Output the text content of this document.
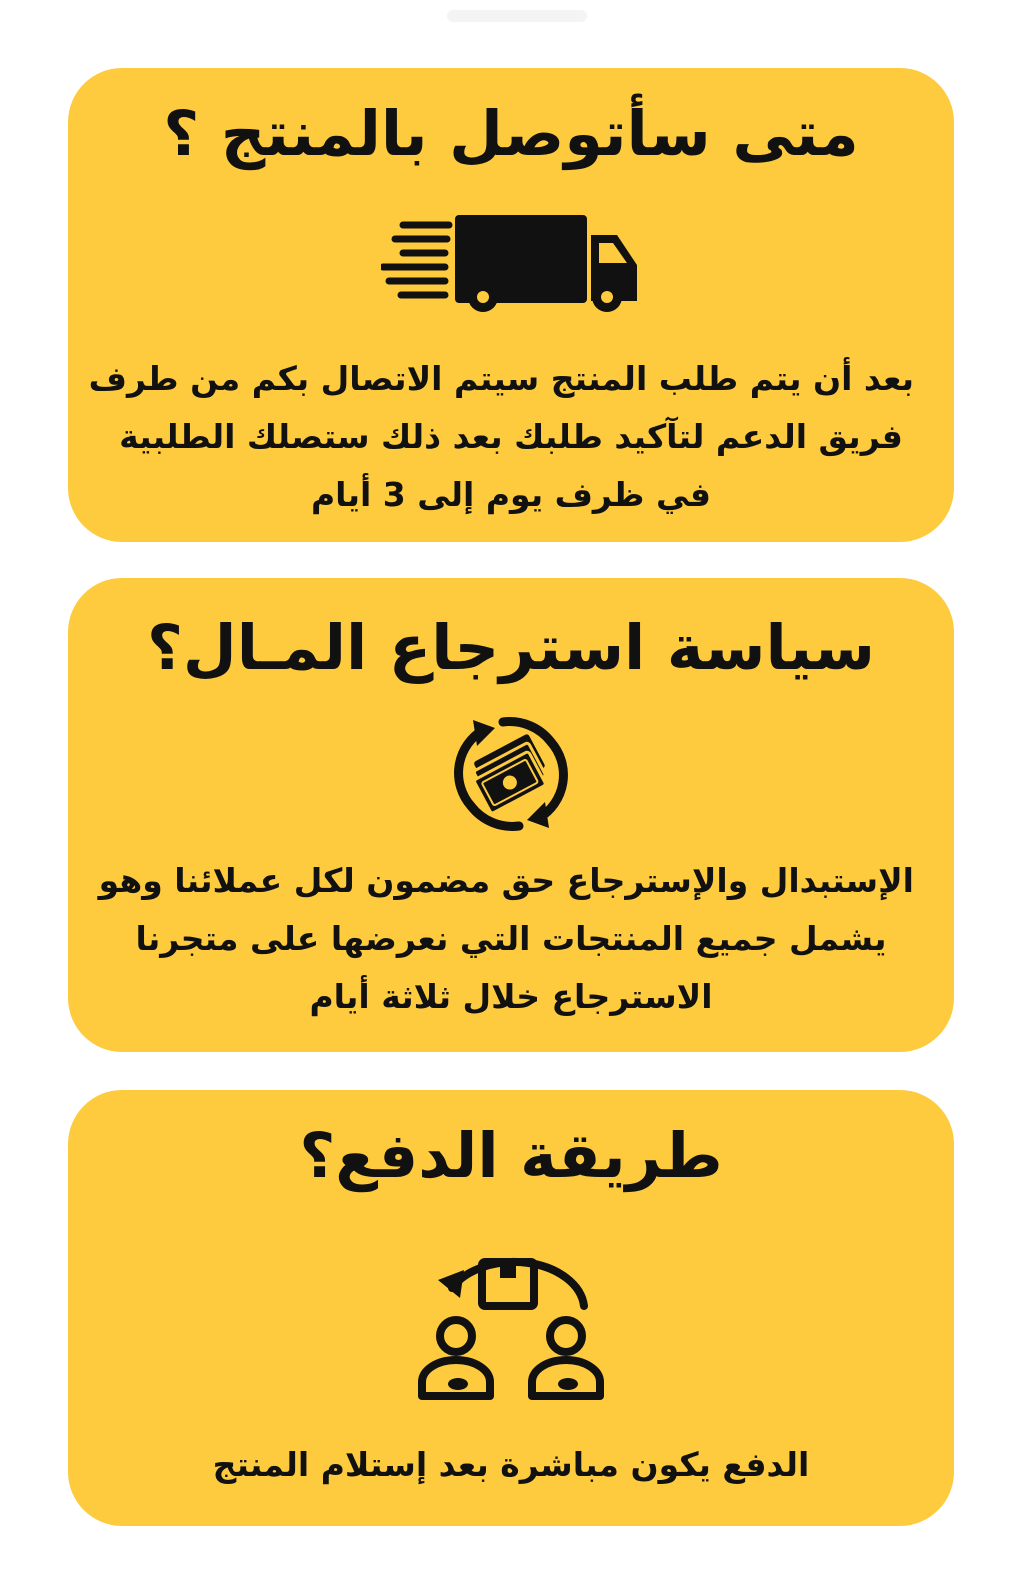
متى سأتوصل بالمنتج ؟

بعد أن يتم طلب المنتج سيتم الاتصال بكم من طرف
فريق الدعم لتآكيد طلبك بعد ذلك ستصلك الطلبية
في ظرف يوم إلى 3 أيام

سياسة استرجاع المـال؟

الإستبدال والإسترجاع حق مضمون لكل عملائنا وهو
يشمل جميع المنتجات التي نعرضها على متجرنا
الاسترجاع خلال ثلاثة أيام

طريقة الدفع؟

الدفع يكون مباشرة بعد إستلام المنتج
